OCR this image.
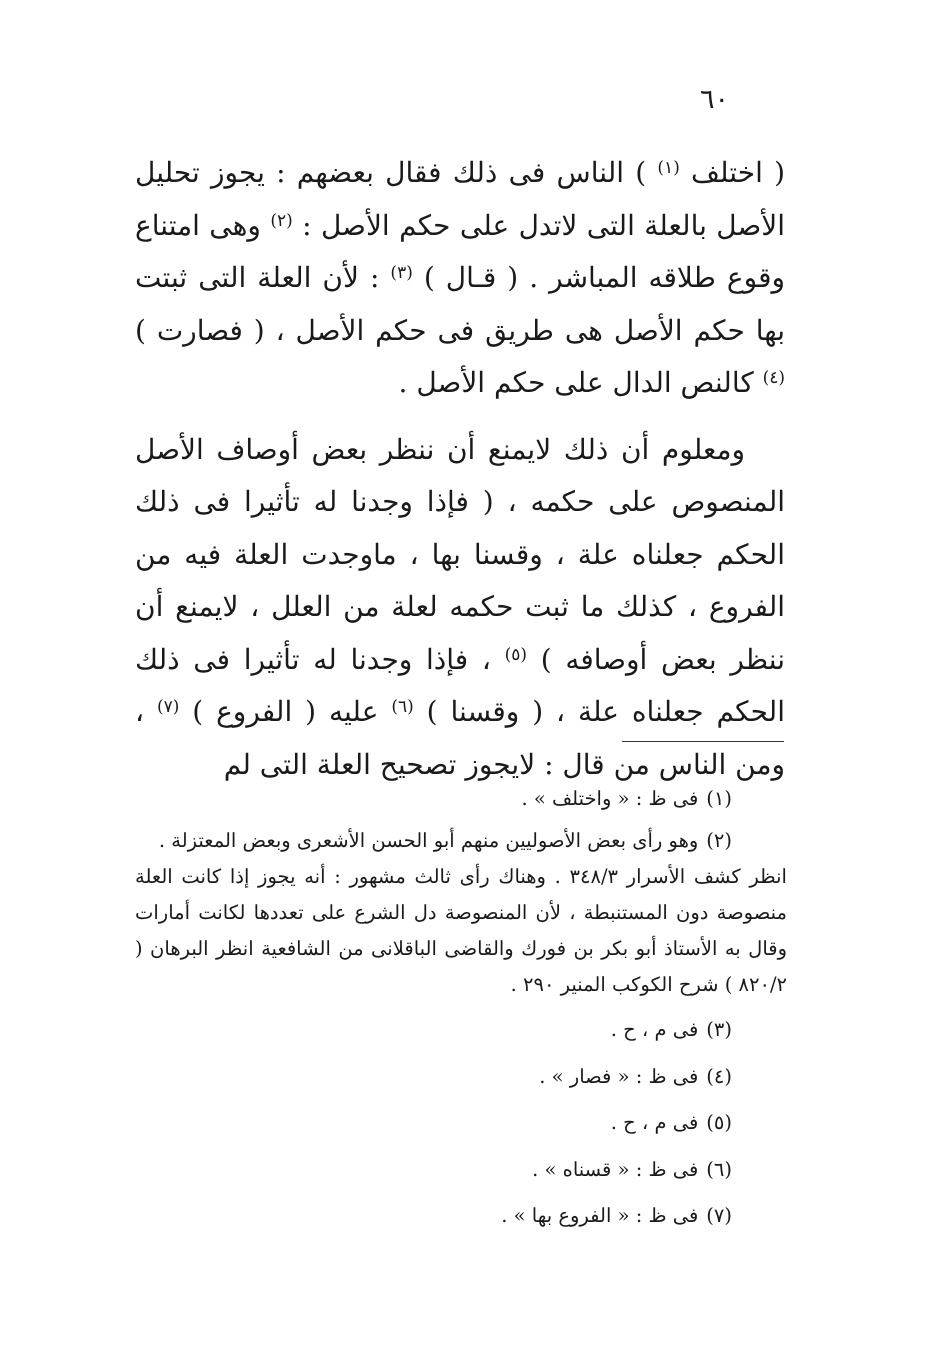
٦٠

( اختلف $^{(١)}$ ) الناس فى ذلك فقال بعضهم : يجوز تحليل الأصل بالعلة التى لاتدل على حكم الأصل : $^{(٢)}$ وهى امتناع وقوع طلاقه المباشر . ( قـال ) $^{(٣)}$ : لأن العلة التى ثبتت بها حكم الأصل هى طريق فى حكم الأصل ، ( فصارت ) $^{(٤)}$ كالنص الدال على حكم الأصل .

ومعلوم أن ذلك لايمنع أن ننظر بعض أوصاف الأصل المنصوص على حكمه ، ( فإذا وجدنا له تأثيرا فى ذلك الحكم جعلناه علة ، وقسنا بها ، ماوجدت العلة فيه من الفروع ، كذلك ما ثبت حكمه لعلة من العلل ، لايمنع أن ننظر بعض أوصافه ) $^{(٥)}$ ، فإذا وجدنا له تأثيرا فى ذلك الحكم جعلناه علة ، ( وقسنا ) $^{(٦)}$ عليه ( الفروع ) $^{(٧)}$ ، ومن الناس من قال : لايجوز تصحيح العلة التى لم

(١)فى ظ : « واختلف » .

(٢)وهو رأى بعض الأصوليين منهم أبو الحسن الأشعرى وبعض المعتزلة .
انظر كشف الأسرار ٣٤٨/٣ . وهناك رأى ثالث مشهور : أنه يجوز إذا كانت العلة منصوصة دون المستنبطة ، لأن المنصوصة دل الشرع على تعددها لكانت أمارات وقال به الأستاذ أبو بكر بن فورك والقاضى الباقلانى من الشافعية انظر البرهان ( ٨٢٠/٢ ) شرح الكوكب المنير ٢٩٠ .

(٣)فى م ، ح .

(٤)فى ظ : « فصار » .

(٥)فى م ، ح .

(٦)فى ظ : « قسناه » .

(٧)فى ظ : « الفروع بها » .
